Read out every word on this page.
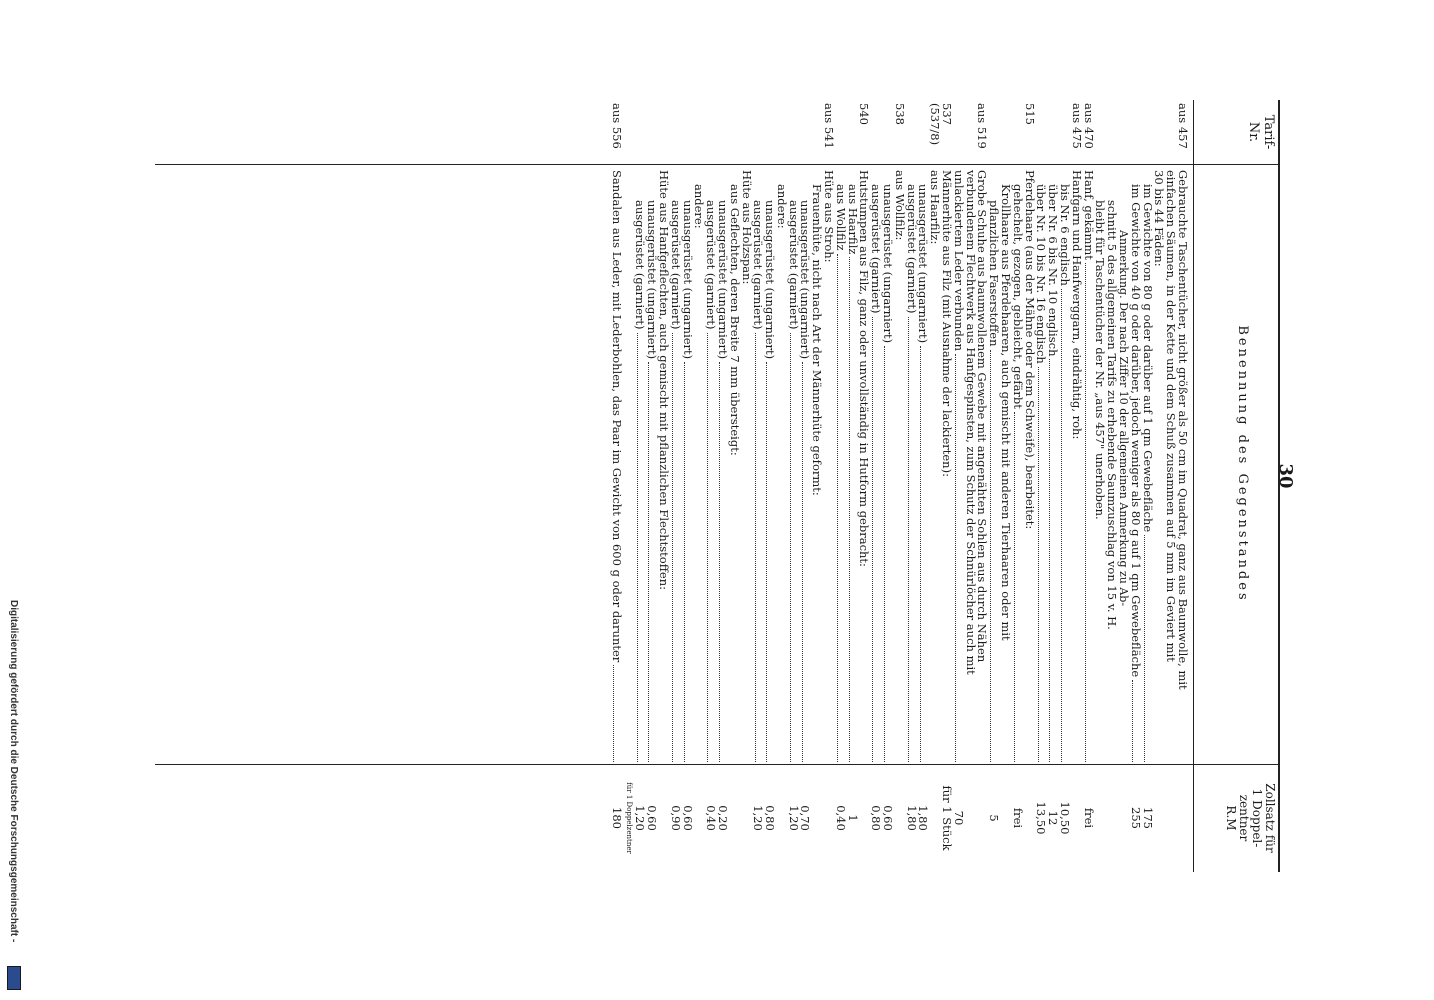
Digitalisierung gefördert durch die Deutsche Forschungsgemeinschaft -
30
Tarif-
Nr.
Benennung des Gegenstandes
Zollsatz für
1 Doppel-
zentner
R.M
aus 457
Gebrauchte Taschentücher, nicht größer als 50 cm im Quadrat, ganz aus Baumwolle, mit
einfachen Säumen, in der Kette und dem Schuß zusammen auf 5 mm im Geviert mit
30 bis 44 Fäden:
im Gewichte von 80 g oder darüber auf 1 qm Gewebefläche
175
im Gewichte von 40 g oder darüber, jedoch weniger als 80 g auf 1 qm Gewebefläche
255
Anmerkung. Der nach Ziffer 10 der allgemeinen Anmerkung zu Ab-
schnitt 5 des allgemeinen Tarifs zu erhebende Saumzuschlag von 15 v. H.
bleibt für Taschentücher der Nr. „aus 457" unerhoben.
aus 470
Hanf, gekämmt
frei
aus 475
Hanfgarn und Hanfwerggarn, eindrähtig, roh:
bis Nr. 6 englisch
10,50
über Nr. 6 bis Nr. 10 englisch
12
über Nr. 10 bis Nr. 16 englisch
13,50
515
Pferdehaare (aus der Mähne oder dem Schweife), bearbeitet:
gehechelt, gezogen, gebleicht, gefärbt
frei
Krollhaare aus Pferdehaaren, auch gemischt mit anderen Tierhaaren oder mit
pflanzlichen Faserstoffen
5
aus 519
Grobe Schuhe aus baumwollenem Gewebe mit angenähten Sohlen aus durch Nähen
verbundenem Flechtwerk aus Hanfgespinsten, zum Schutz der Schnürlöcher auch mit
unlackiertem Leder verbunden
70
537
Männerhüte aus Filz (mit Ausnahme der lackierten):
für 1 Stück
(537/8)
aus Haarfilz:
unausgerüstet (ungarniert)
1,80
ausgerüstet (garniert)
1,80
538
aus Wollfilz:
unausgerüstet (ungarniert)
0,60
ausgerüstet (garniert)
0,80
540
Hutstumpen aus Filz, ganz oder unvollständig in Hutform gebracht:
aus Haarfilz
1
aus Wollfilz
0,40
aus 541
Hüte aus Stroh:
Frauenhüte, nicht nach Art der Männerhüte geformt:
unausgerüstet (ungarniert)
0,70
ausgerüstet (garniert)
1,20
andere:
unausgerüstet (ungarniert)
0,80
ausgerüstet (garniert)
1,20
Hüte aus Holzspan:
aus Geflechten, deren Breite 7 mm übersteigt:
unausgerüstet (ungarniert)
0,20
ausgerüstet (garniert)
0,40
andere:
unausgerüstet (ungarniert)
0,60
ausgerüstet (garniert)
0,90
Hüte aus Hanfgeflechten, auch gemischt mit pflanzlichen Flechtstoffen:
unausgerüstet (ungarniert)
0,60
ausgerüstet (garniert)
1,20
für 1 Doppelzentner
aus 556
Sandalen aus Leder, mit Lederbohlen, das Paar im Gewicht von 600 g oder darunter
180
